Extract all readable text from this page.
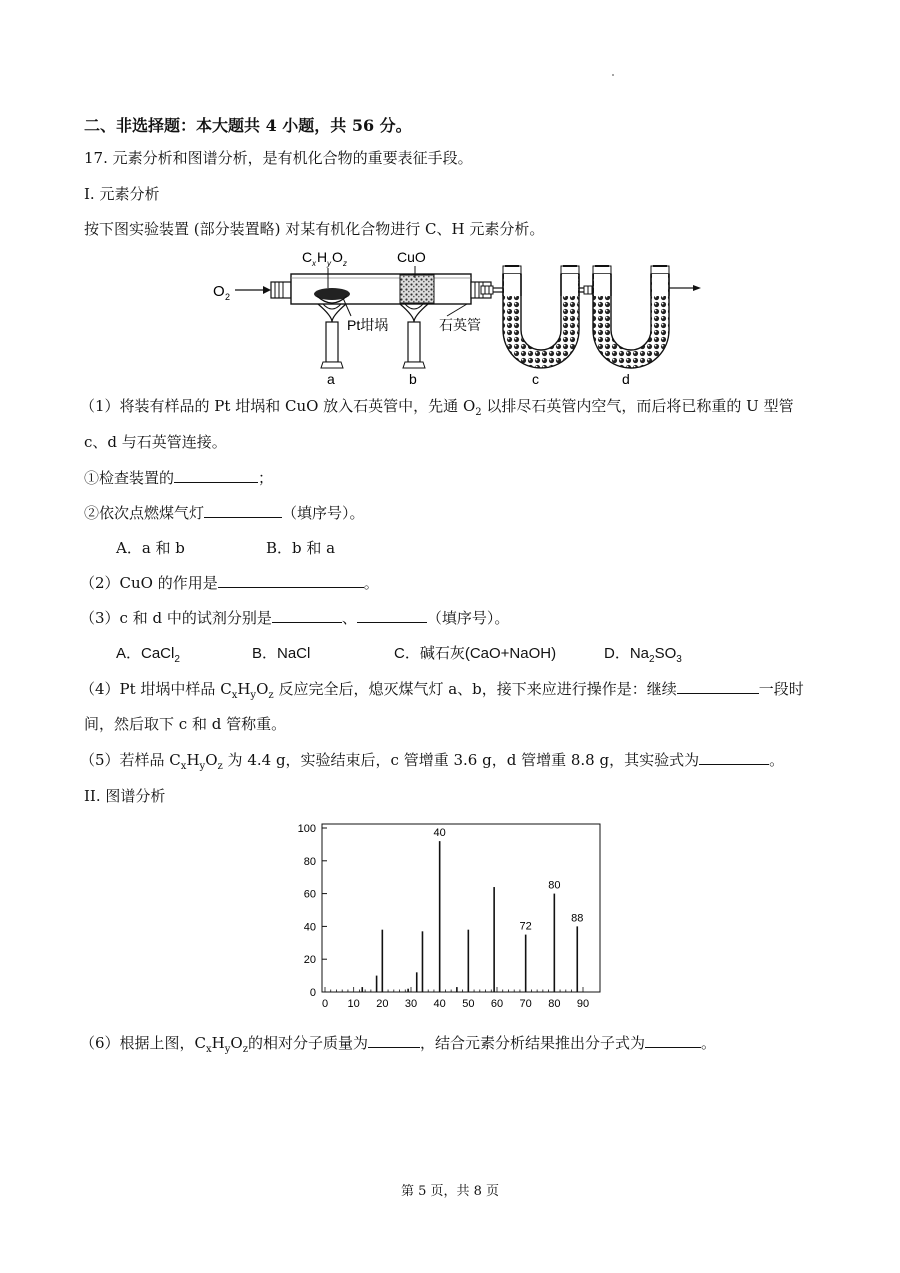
二、非选择题：本大题共 4 小题，共 56 分。
17. 元素分析和图谱分析，是有机化合物的重要表征手段。
I. 元素分析
按下图实验装置 (部分装置略) 对某有机化合物进行 C、H 元素分析。
O 2
C x H y O z	CuO
Pt坩埚	石英管
a	b	c	d
（1）将装有样品的 Pt 坩埚和 CuO 放入石英管中，先通 $O_2$ 以排尽石英管内空气，而后将已称重的 U 型管
c、d 与石英管连接。
①检查装置的	；
②依次点燃煤气灯	（填序号）。
A．a 和 b	B．b 和 a
（2）CuO 的作用是	。
（3）c 和 d 中的试剂分别是	、	（填序号）。
A．CaCl$_2$	B．NaCl	C．碱石灰(CaO+NaOH)	D．$Na_2SO_3$
（4）Pt 坩埚中样品 $C_xH_yO_z$ 反应完全后，熄灭煤气灯 a、b，接下来应进行操作是：继续	一段时
间，然后取下 c 和 d 管称重。
（5）若样品 $C_xH_yO_z$ 为 4.4 g，实验结束后，c 管增重 3.6 g，d 管增重 8.8 g，其实验式为	。
II. 图谱分析
0
20
40
60
80
100
0 10 20 30 40 50 60 70 80 90
40
72
80
88
（6）根据上图，$C_xH_yO_z$的相对分子质量为	，结合元素分析结果推出分子式为	。
第 5 页，共 8 页
